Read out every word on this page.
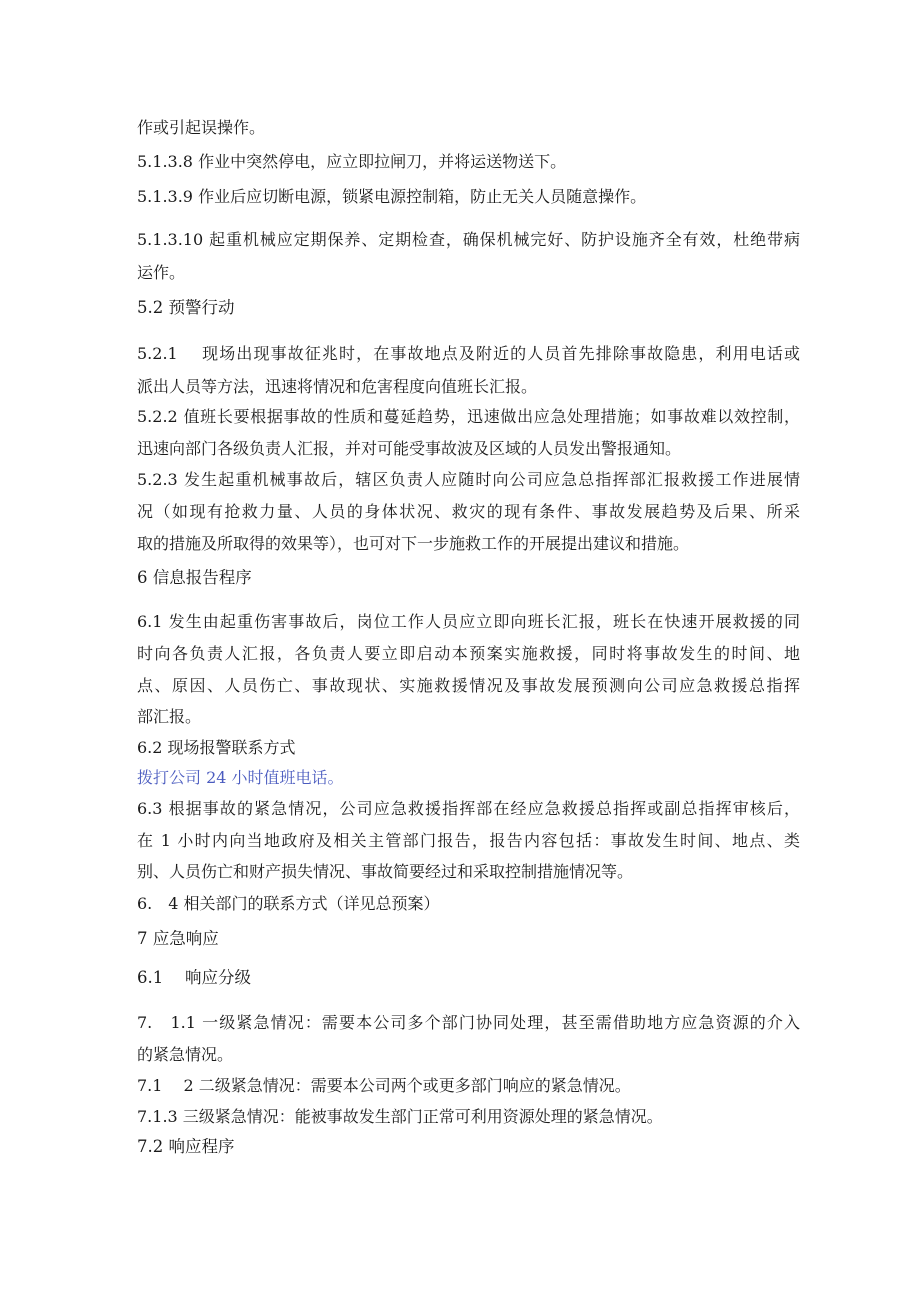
作或引起误操作。
5.1.3.8 作业中突然停电，应立即拉闸刀，并将运送物送下。
5.1.3.9 作业后应切断电源，锁紧电源控制箱，防止无关人员随意操作。
5.1.3.10 起重机械应定期保养、定期检查，确保机械完好、防护设施齐全有效，杜绝带病
运作。
5.2 预警行动
5.2.1　 现场出现事故征兆时，在事故地点及附近的人员首先排除事故隐患，利用电话或
派出人员等方法，迅速将情况和危害程度向值班长汇报。
5.2.2 值班长要根据事故的性质和蔓延趋势，迅速做出应急处理措施；如事故难以效控制，
迅速向部门各级负责人汇报，并对可能受事故波及区域的人员发出警报通知。
5.2.3 发生起重机械事故后，辖区负责人应随时向公司应急总指挥部汇报救援工作进展情
况（如现有抢救力量、人员的身体状况、救灾的现有条件、事故发展趋势及后果、所采
取的措施及所取得的效果等），也可对下一步施救工作的开展提出建议和措施。
6 信息报告程序
6.1 发生由起重伤害事故后，岗位工作人员应立即向班长汇报，班长在快速开展救援的同
时向各负责人汇报，各负责人要立即启动本预案实施救援，同时将事故发生的时间、地
点、原因、人员伤亡、事故现状、实施救援情况及事故发展预测向公司应急救援总指挥
部汇报。
6.2 现场报警联系方式
拨打公司 24 小时值班电话。
6.3 根据事故的紧急情况，公司应急救援指挥部在经应急救援总指挥或副总指挥审核后，
在 1 小时内向当地政府及相关主管部门报告，报告内容包括：事故发生时间、地点、类
别、人员伤亡和财产损失情况、事故简要经过和采取控制措施情况等。
6.　4 相关部门的联系方式（详见总预案）
7 应急响应
6.1　 响应分级
7.　1.1 一级紧急情况：需要本公司多个部门协同处理，甚至需借助地方应急资源的介入
的紧急情况。
7.1　 2 二级紧急情况：需要本公司两个或更多部门响应的紧急情况。
7.1.3 三级紧急情况：能被事故发生部门正常可利用资源处理的紧急情况。
7.2 响应程序
